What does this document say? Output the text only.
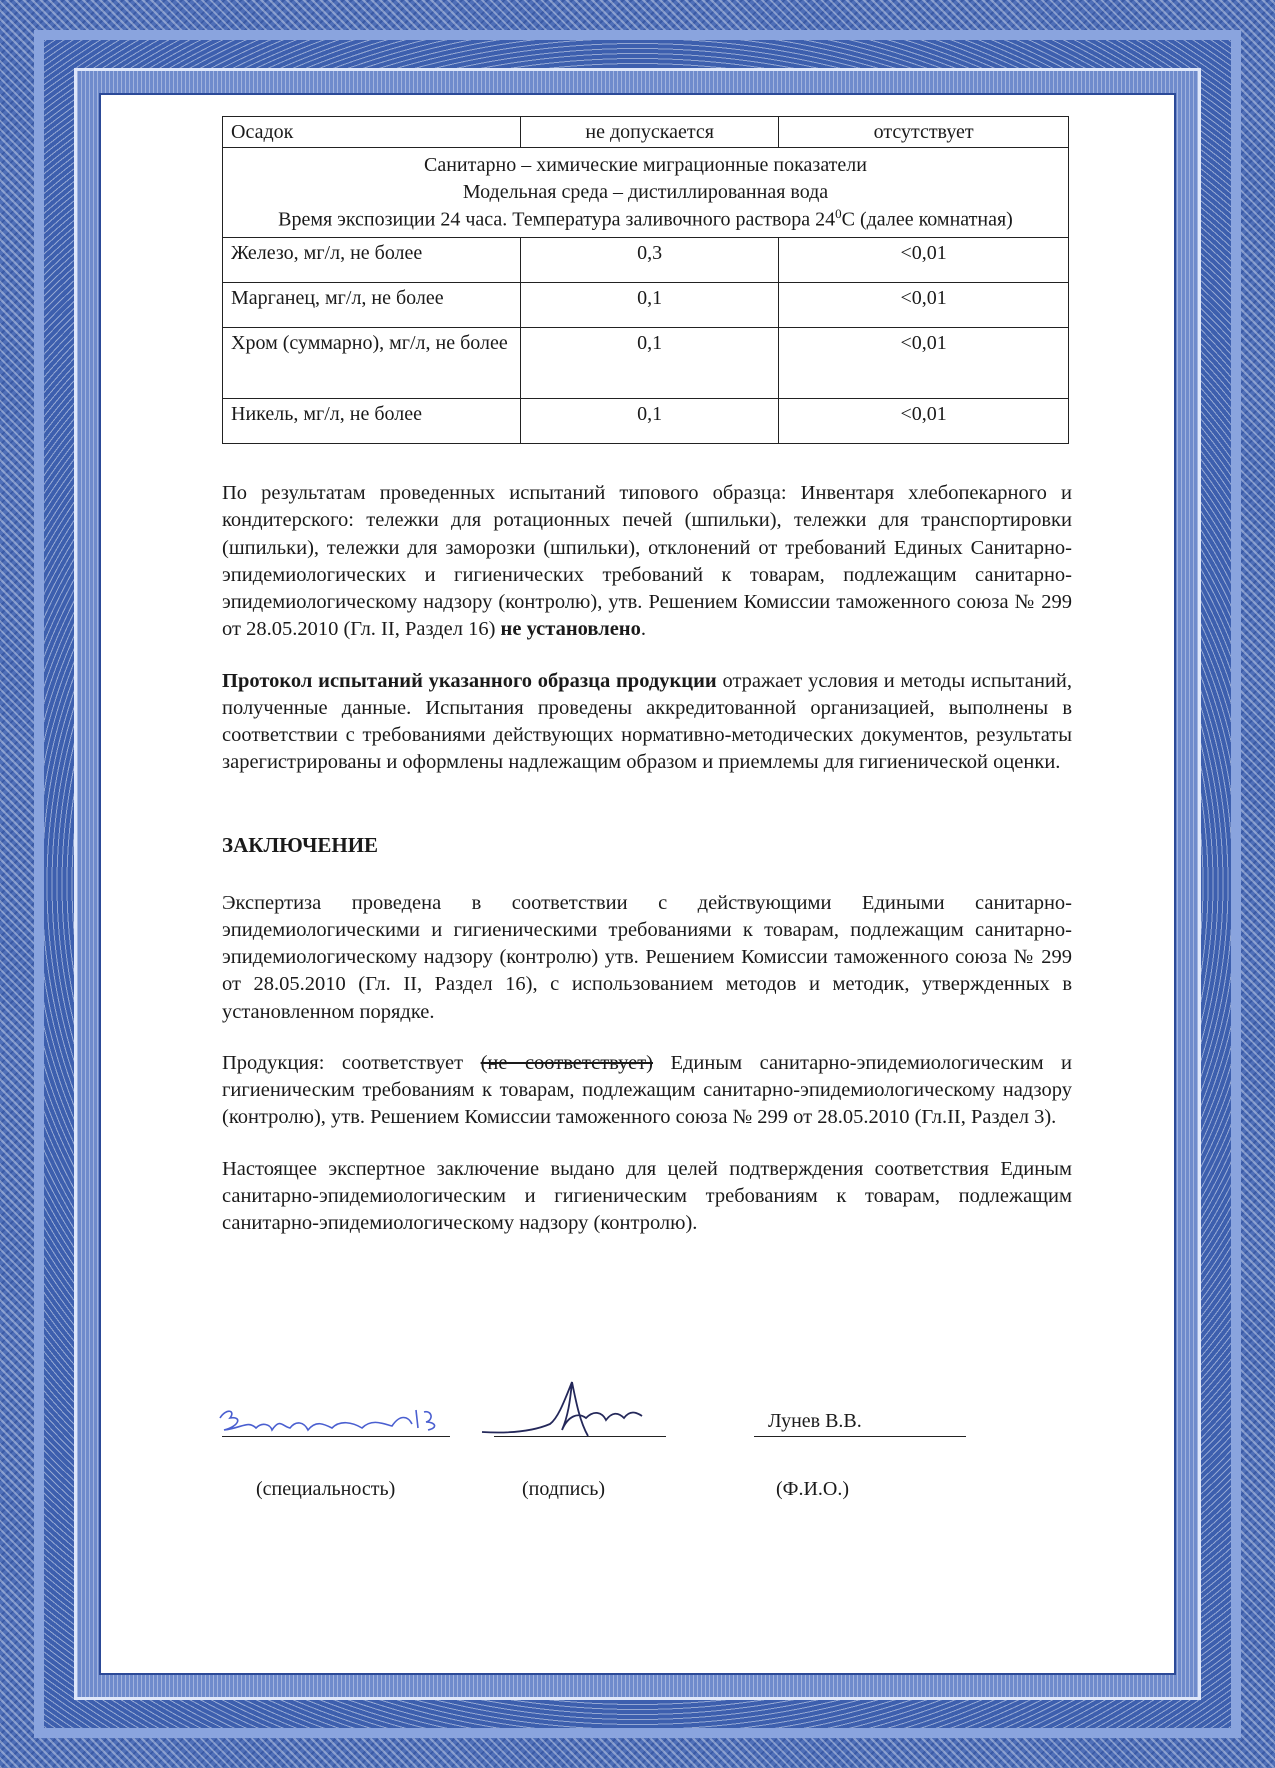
Осадок	не допускается	отсутствует

Санитарно – химические миграционные показатели
Модельная среда – дистиллированная вода
Время экспозиции 24 часа. Температура заливочного раствора $24^0С$ (далее комнатная)		

Железо, мг/л, не более	0,3	<0,01
Марганец, мг/л, не более	0,1	<0,01
Хром (суммарно), мг/л, не более	0,1	<0,01
Никель, мг/л, не более	0,1	<0,01

По результатам проведенных испытаний типового образца: Инвентаря хлебопекарного и кондитерского: тележки для ротационных печей (шпильки), тележки для транспортировки (шпильки), тележки для заморозки (шпильки), отклонений от требований Единых Санитарно-эпидемиологических и гигиенических требований к товарам, подлежащим санитарно-эпидемиологическому надзору (контролю), утв. Решением Комиссии таможенного союза № 299 от 28.05.2010 (Гл. II, Раздел 16) не установлено.

Протокол испытаний указанного образца продукции отражает условия и методы испытаний, полученные данные. Испытания проведены аккредитованной организацией, выполнены в соответствии с требованиями действующих нормативно-методических документов, результаты зарегистрированы и оформлены надлежащим образом и приемлемы для гигиенической оценки.

ЗАКЛЮЧЕНИЕ

Экспертиза проведена в соответствии с действующими Едиными санитарно-эпидемиологическими и гигиеническими требованиями к товарам, подлежащим санитарно-эпидемиологическому надзору (контролю) утв. Решением Комиссии таможенного союза № 299 от 28.05.2010 (Гл. II, Раздел 16), с использованием методов и методик, утвержденных в установленном порядке.

Продукция: соответствует (не соответствует) Единым санитарно-эпидемиологическим и гигиеническим требованиям к товарам, подлежащим санитарно-эпидемиологическому надзору (контролю), утв. Решением Комиссии таможенного союза № 299 от 28.05.2010 (Гл.II, Раздел 3).

Настоящее экспертное заключение выдано для целей подтверждения соответствия Единым санитарно-эпидемиологическим и гигиеническим требованиям к товарам, подлежащим санитарно-эпидемиологическому надзору (контролю).

Лунев В.В.
(специальность)	(подпись)	(Ф.И.О.)
